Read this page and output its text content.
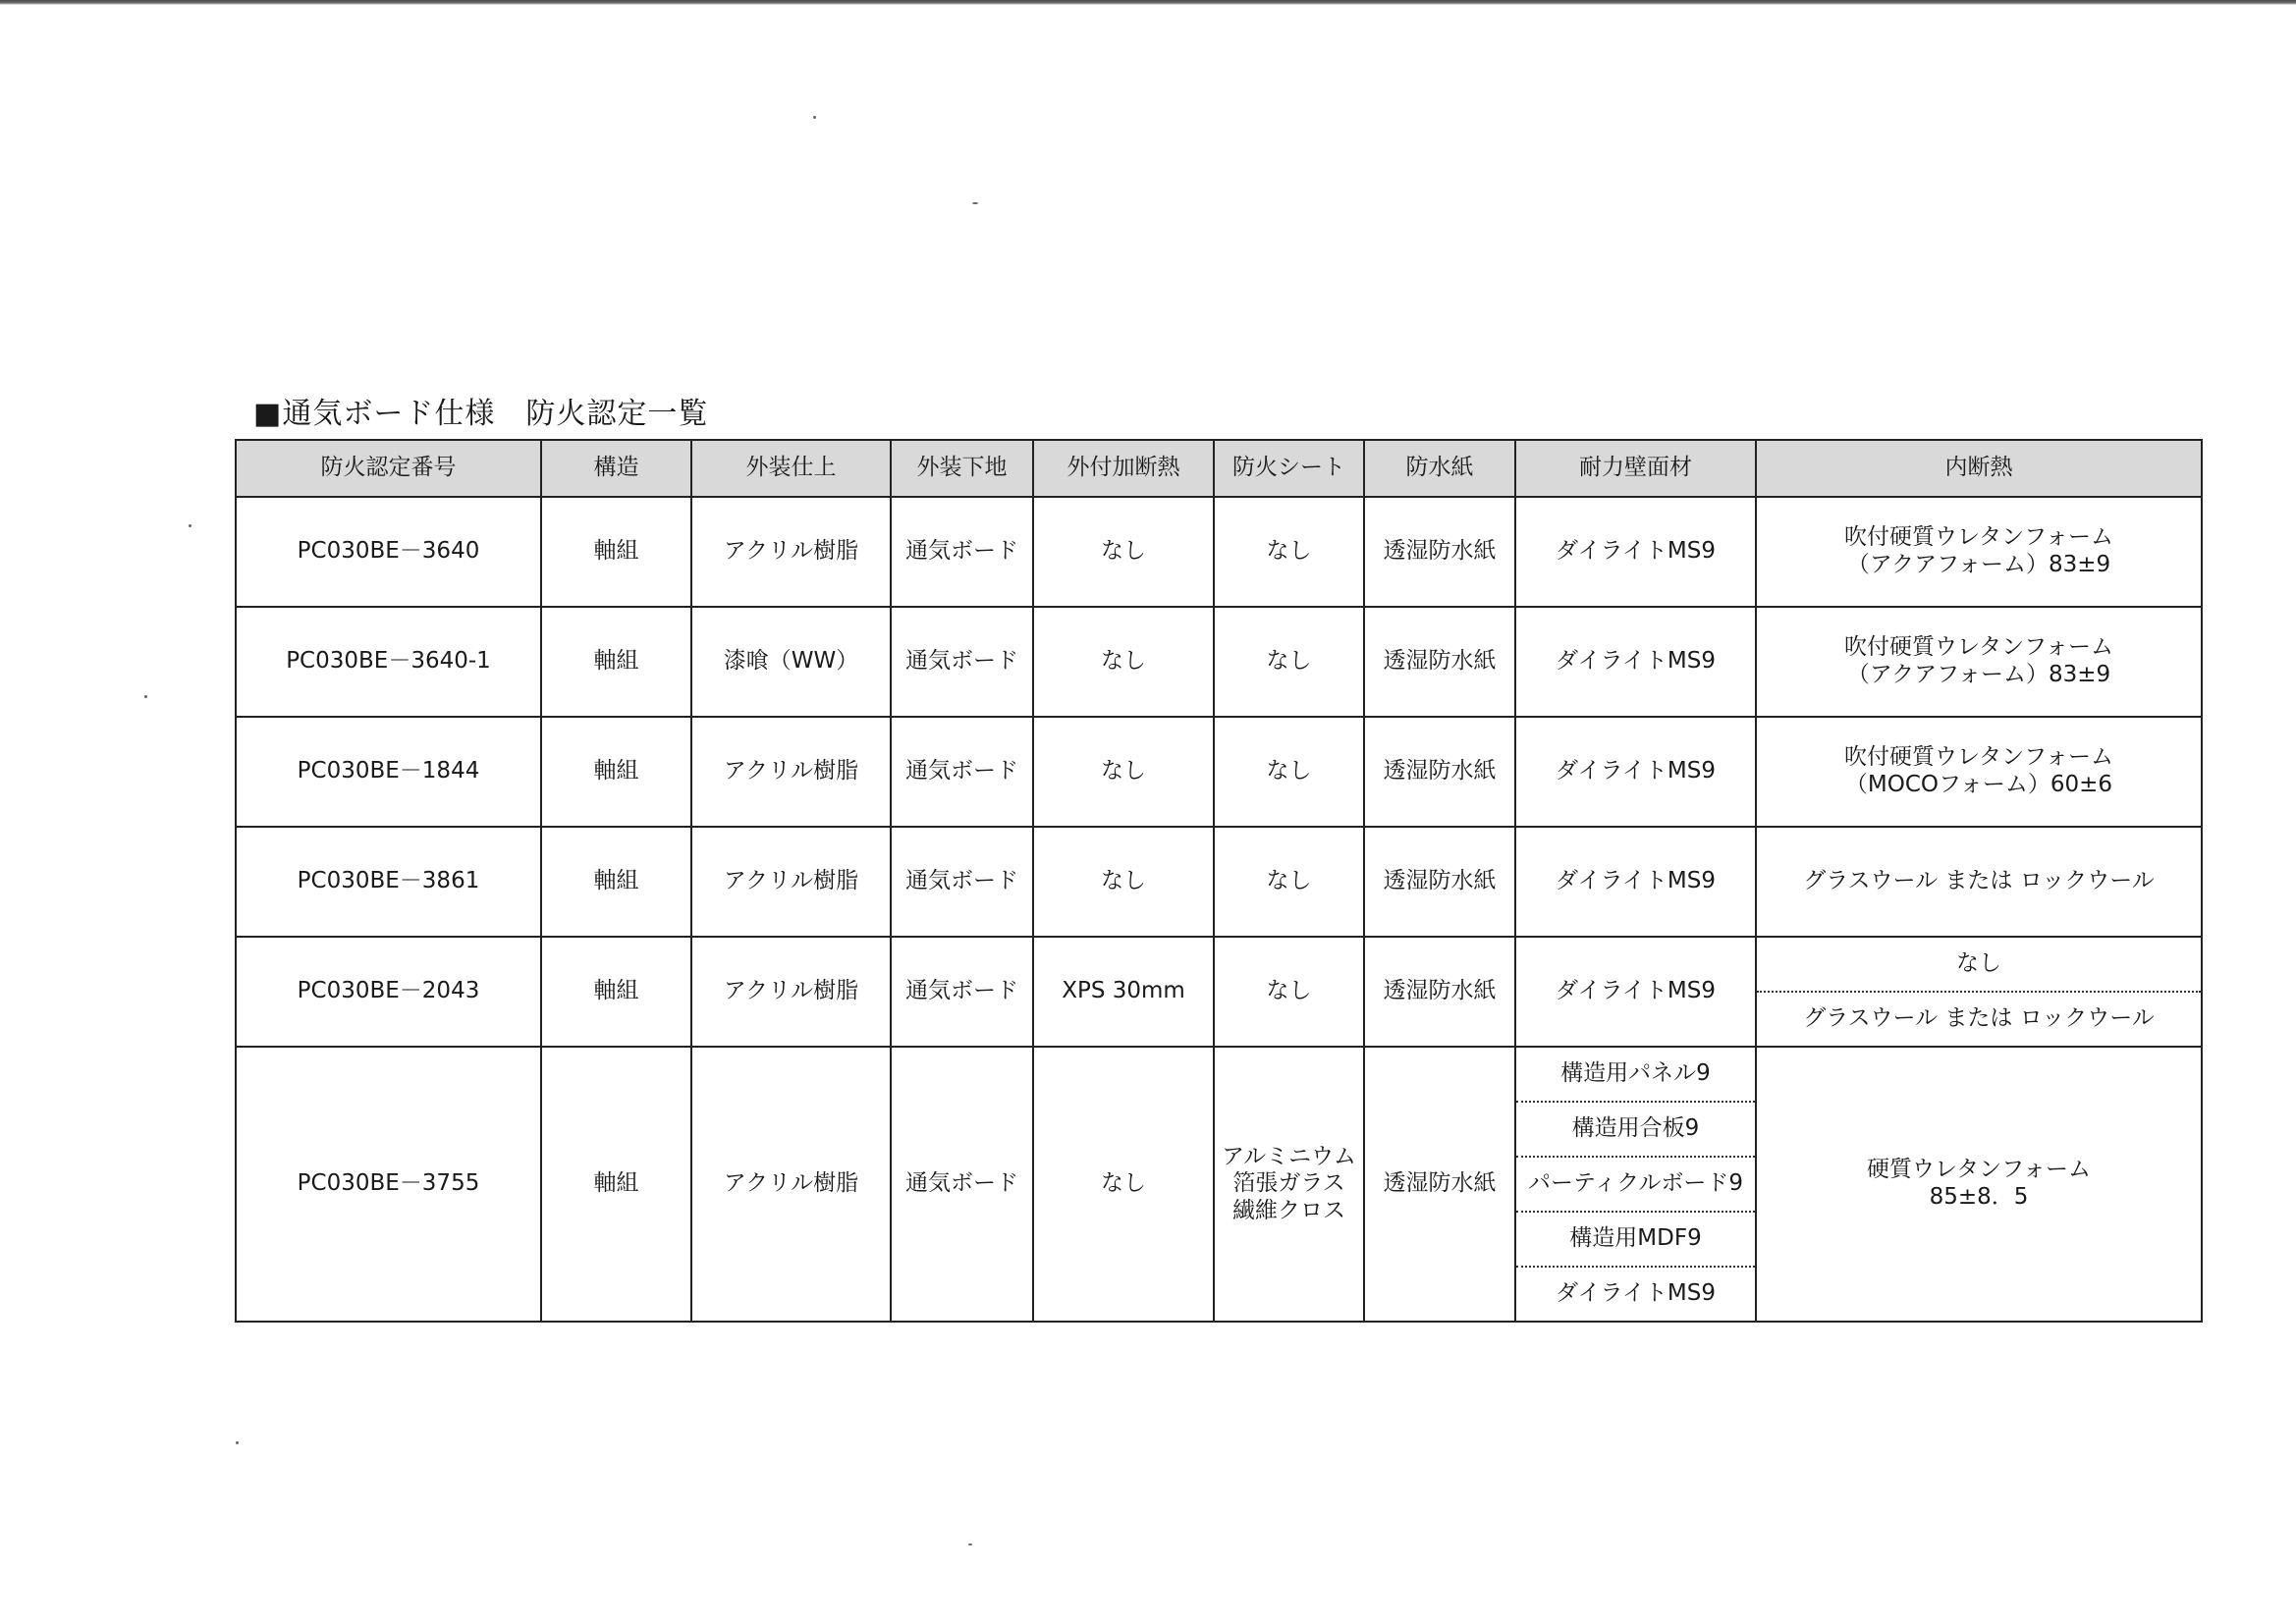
■通気ボード仕様　防火認定一覧
防火認定番号	構造	外装仕上	外装下地	外付加断熱	防火シート	防水紙	耐力壁面材	内断熱
PC030BE－3640	軸組	アクリル樹脂	通気ボード	なし	なし	透湿防水紙	ダイライトMS9	吹付硬質ウレタンフォーム
（アクアフォーム）83±9

PC030BE－3640-1	軸組	漆喰（WW）	通気ボード	なし	なし	透湿防水紙	ダイライトMS9	吹付硬質ウレタンフォーム
（アクアフォーム）83±9

PC030BE－1844	軸組	アクリル樹脂	通気ボード	なし	なし	透湿防水紙	ダイライトMS9	吹付硬質ウレタンフォーム
（MOCOフォーム）60±6

PC030BE－3861	軸組	アクリル樹脂	通気ボード	なし	なし	透湿防水紙	ダイライトMS9	グラスウール または ロックウール
PC030BE－2043	軸組	アクリル樹脂	通気ボード	XPS 30mm	なし	透湿防水紙	ダイライトMS9	なし
								グラスウール または ロックウール
PC030BE－3755	軸組	アクリル樹脂	通気ボード	なし	アルミニウム
箔張ガラス
繊維クロス	透湿防水紙	構造用パネル9	硬質ウレタンフォーム
85±8．5

							構造用合板9	
							パーティクルボード9	
							構造用MDF9	
							ダイライトMS9	
